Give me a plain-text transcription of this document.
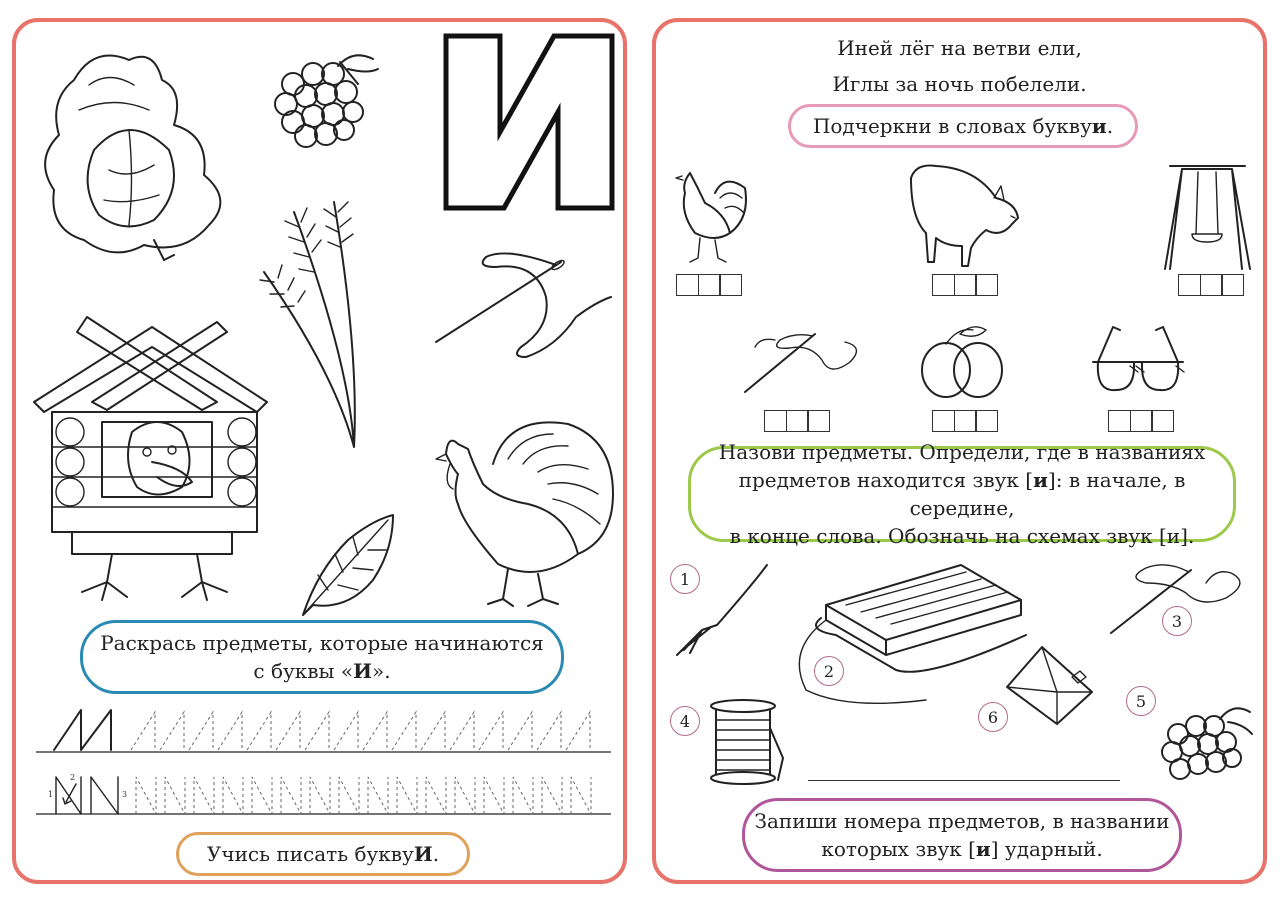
Раскрась предметы, которые начинаются
с буквы «И».
1
2
3
Учись писать букву И .
Иней лёг на ветви ели,
Иглы за ночь побелели.
Подчеркни в словах букву и .
Назови предметы. Определи, где в названиях
предметов находится звук [и]: в начале, в середине,
в конце слова. Обозначь на схемах звук [и].
1
2
3
4
5
6
Запиши номера предметов, в названии
которых звук [и] ударный.
